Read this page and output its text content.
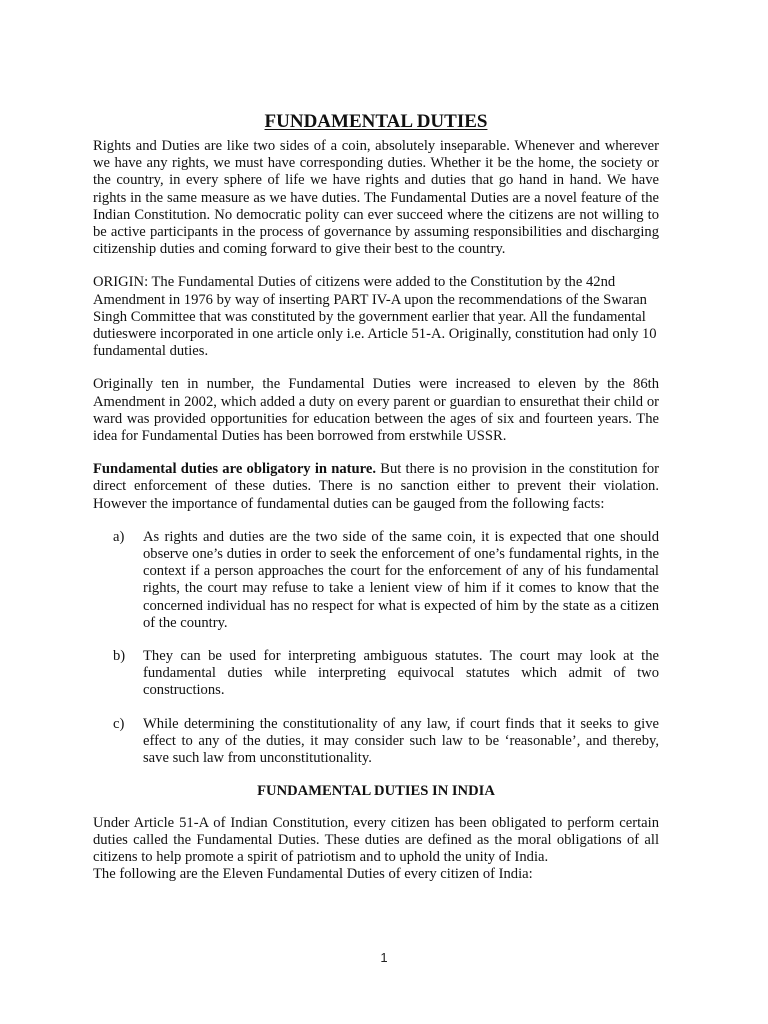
FUNDAMENTAL DUTIES

Rights and Duties are like two sides of a coin, absolutely inseparable. Whenever and wherever we have any rights, we must have corresponding duties. Whether it be the home, the society or the country, in every sphere of life we have rights and duties that go hand in hand. We have rights in the same measure as we have duties. The Fundamental Duties are a novel feature of the Indian Constitution. No democratic polity can ever succeed where the citizens are not willing to be active participants in the process of governance by assuming responsibilities and discharging citizenship duties and coming forward to give their best to the country.

ORIGIN: The Fundamental Duties of citizens were added to the Constitution by the 42nd Amendment in 1976 by way of inserting PART IV-A upon the recommendations of the Swaran Singh Committee that was constituted by the government earlier that year. All the fundamental dutieswere incorporated in one article only i.e. Article 51-A. Originally, constitution had only 10 fundamental duties.

Originally ten in number, the Fundamental Duties were increased to eleven by the 86th Amendment in 2002, which added a duty on every parent or guardian to ensurethat their child or ward was provided opportunities for education between the ages of six and fourteen years. The idea for Fundamental Duties has been borrowed from erstwhile USSR.

Fundamental duties are obligatory in nature. But there is no provision in the constitution for direct enforcement of these duties. There is no sanction either to prevent their violation. However the importance of fundamental duties can be gauged from the following facts:

a)	As rights and duties are the two side of the same coin, it is expected that one should observe one’s duties in order to seek the enforcement of one’s fundamental rights, in the context if a person approaches the court for the enforcement of any of his fundamental rights, the court may refuse to take a lenient view of him if it comes to know that the concerned individual has no respect for what is expected of him by the state as a citizen of the country.
b)	They can be used for interpreting ambiguous statutes. The court may look at the fundamental duties while interpreting equivocal statutes which admit of two constructions.
c)	While determining the constitutionality of any law, if court finds that it seeks to give effect to any of the duties, it may consider such law to be ‘reasonable’, and thereby, save such law from unconstitutionality.
FUNDAMENTAL DUTIES IN INDIA

Under Article 51-A of Indian Constitution, every citizen has been obligated to perform certain duties called the Fundamental Duties. These duties are defined as the moral obligations of all citizens to help promote a spirit of patriotism and to uphold the unity of India.

The following are the Eleven Fundamental Duties of every citizen of India:

1
